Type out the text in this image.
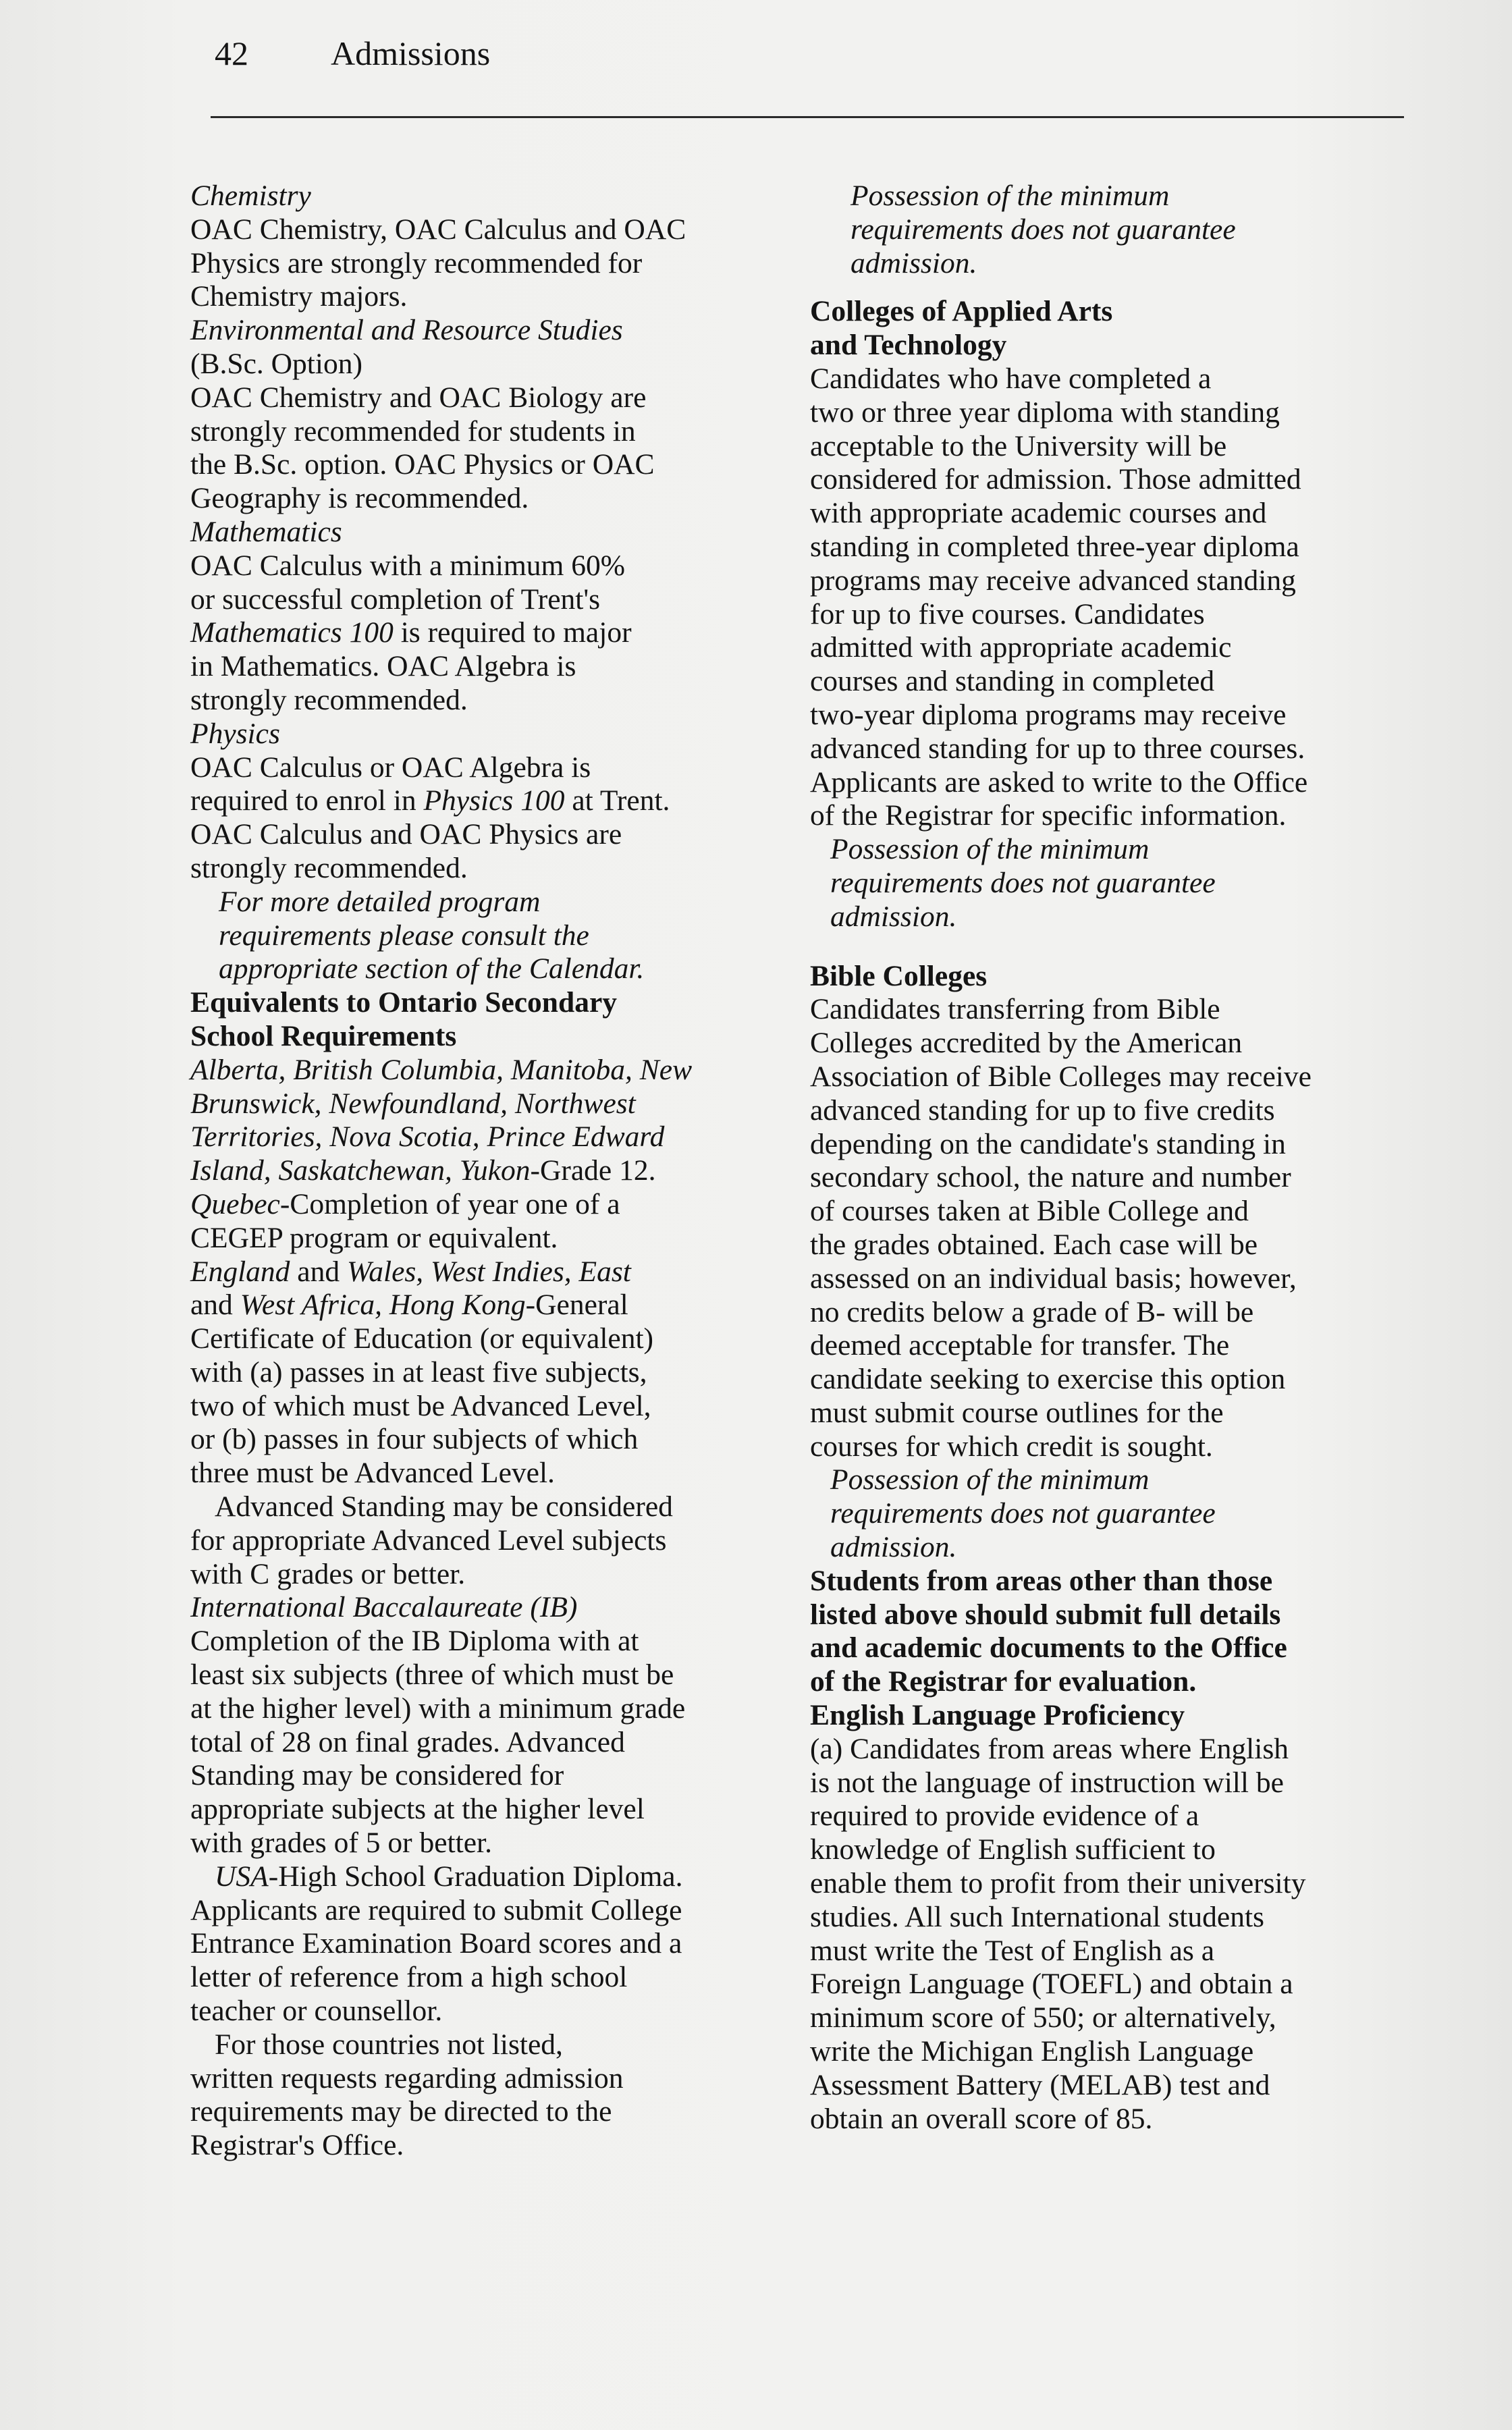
42 Admissions

Chemistry

OAC Chemistry, OAC Calculus and OAC

Physics are strongly recommended for

Chemistry majors.

Environmental and Resource Studies

(B.Sc. Option)

OAC Chemistry and OAC Biology are

strongly recommended for students in

the B.Sc. option. OAC Physics or OAC

Geography is recommended.

Mathematics

OAC Calculus with a minimum 60%

or successful completion of Trent's

Mathematics 100 is required to major

in Mathematics. OAC Algebra is

strongly recommended.

Physics

OAC Calculus or OAC Algebra is

required to enrol in Physics 100 at Trent.

OAC Calculus and OAC Physics are

strongly recommended.

For more detailed program

requirements please consult the

appropriate section of the Calendar.

Equivalents to Ontario Secondary

School Requirements

Alberta, British Columbia, Manitoba, New

Brunswick, Newfoundland, Northwest

Territories, Nova Scotia, Prince Edward

Island, Saskatchewan, Yukon-Grade 12.

Quebec-Completion of year one of a

CEGEP program or equivalent.

England and Wales, West Indies, East

and West Africa, Hong Kong-General

Certificate of Education (or equivalent)

with (a) passes in at least five subjects,

two of which must be Advanced Level,

or (b) passes in four subjects of which

three must be Advanced Level.

Advanced Standing may be considered

for appropriate Advanced Level subjects

with C grades or better.

International Baccalaureate (IB)

Completion of the IB Diploma with at

least six subjects (three of which must be

at the higher level) with a minimum grade

total of 28 on final grades. Advanced

Standing may be considered for

appropriate subjects at the higher level

with grades of 5 or better.

USA-High School Graduation Diploma.

Applicants are required to submit College

Entrance Examination Board scores and a

letter of reference from a high school

teacher or counsellor.

For those countries not listed,

written requests regarding admission

requirements may be directed to the

Registrar's Office.

Possession of the minimum

requirements does not guarantee

admission.

Colleges of Applied Arts

and Technology

Candidates who have completed a

two or three year diploma with standing

acceptable to the University will be

considered for admission. Those admitted

with appropriate academic courses and

standing in completed three-year diploma

programs may receive advanced standing

for up to five courses. Candidates

admitted with appropriate academic

courses and standing in completed

two-year diploma programs may receive

advanced standing for up to three courses.

Applicants are asked to write to the Office

of the Registrar for specific information.

Possession of the minimum

requirements does not guarantee

admission.

Bible Colleges

Candidates transferring from Bible

Colleges accredited by the American

Association of Bible Colleges may receive

advanced standing for up to five credits

depending on the candidate's standing in

secondary school, the nature and number

of courses taken at Bible College and

the grades obtained. Each case will be

assessed on an individual basis; however,

no credits below a grade of B- will be

deemed acceptable for transfer. The

candidate seeking to exercise this option

must submit course outlines for the

courses for which credit is sought.

Possession of the minimum

requirements does not guarantee

admission.

Students from areas other than those

listed above should submit full details

and academic documents to the Office

of the Registrar for evaluation.

English Language Proficiency

(a) Candidates from areas where English

is not the language of instruction will be

required to provide evidence of a

knowledge of English sufficient to

enable them to profit from their university

studies. All such International students

must write the Test of English as a

Foreign Language (TOEFL) and obtain a

minimum score of 550; or alternatively,

write the Michigan English Language

Assessment Battery (MELAB) test and

obtain an overall score of 85.
